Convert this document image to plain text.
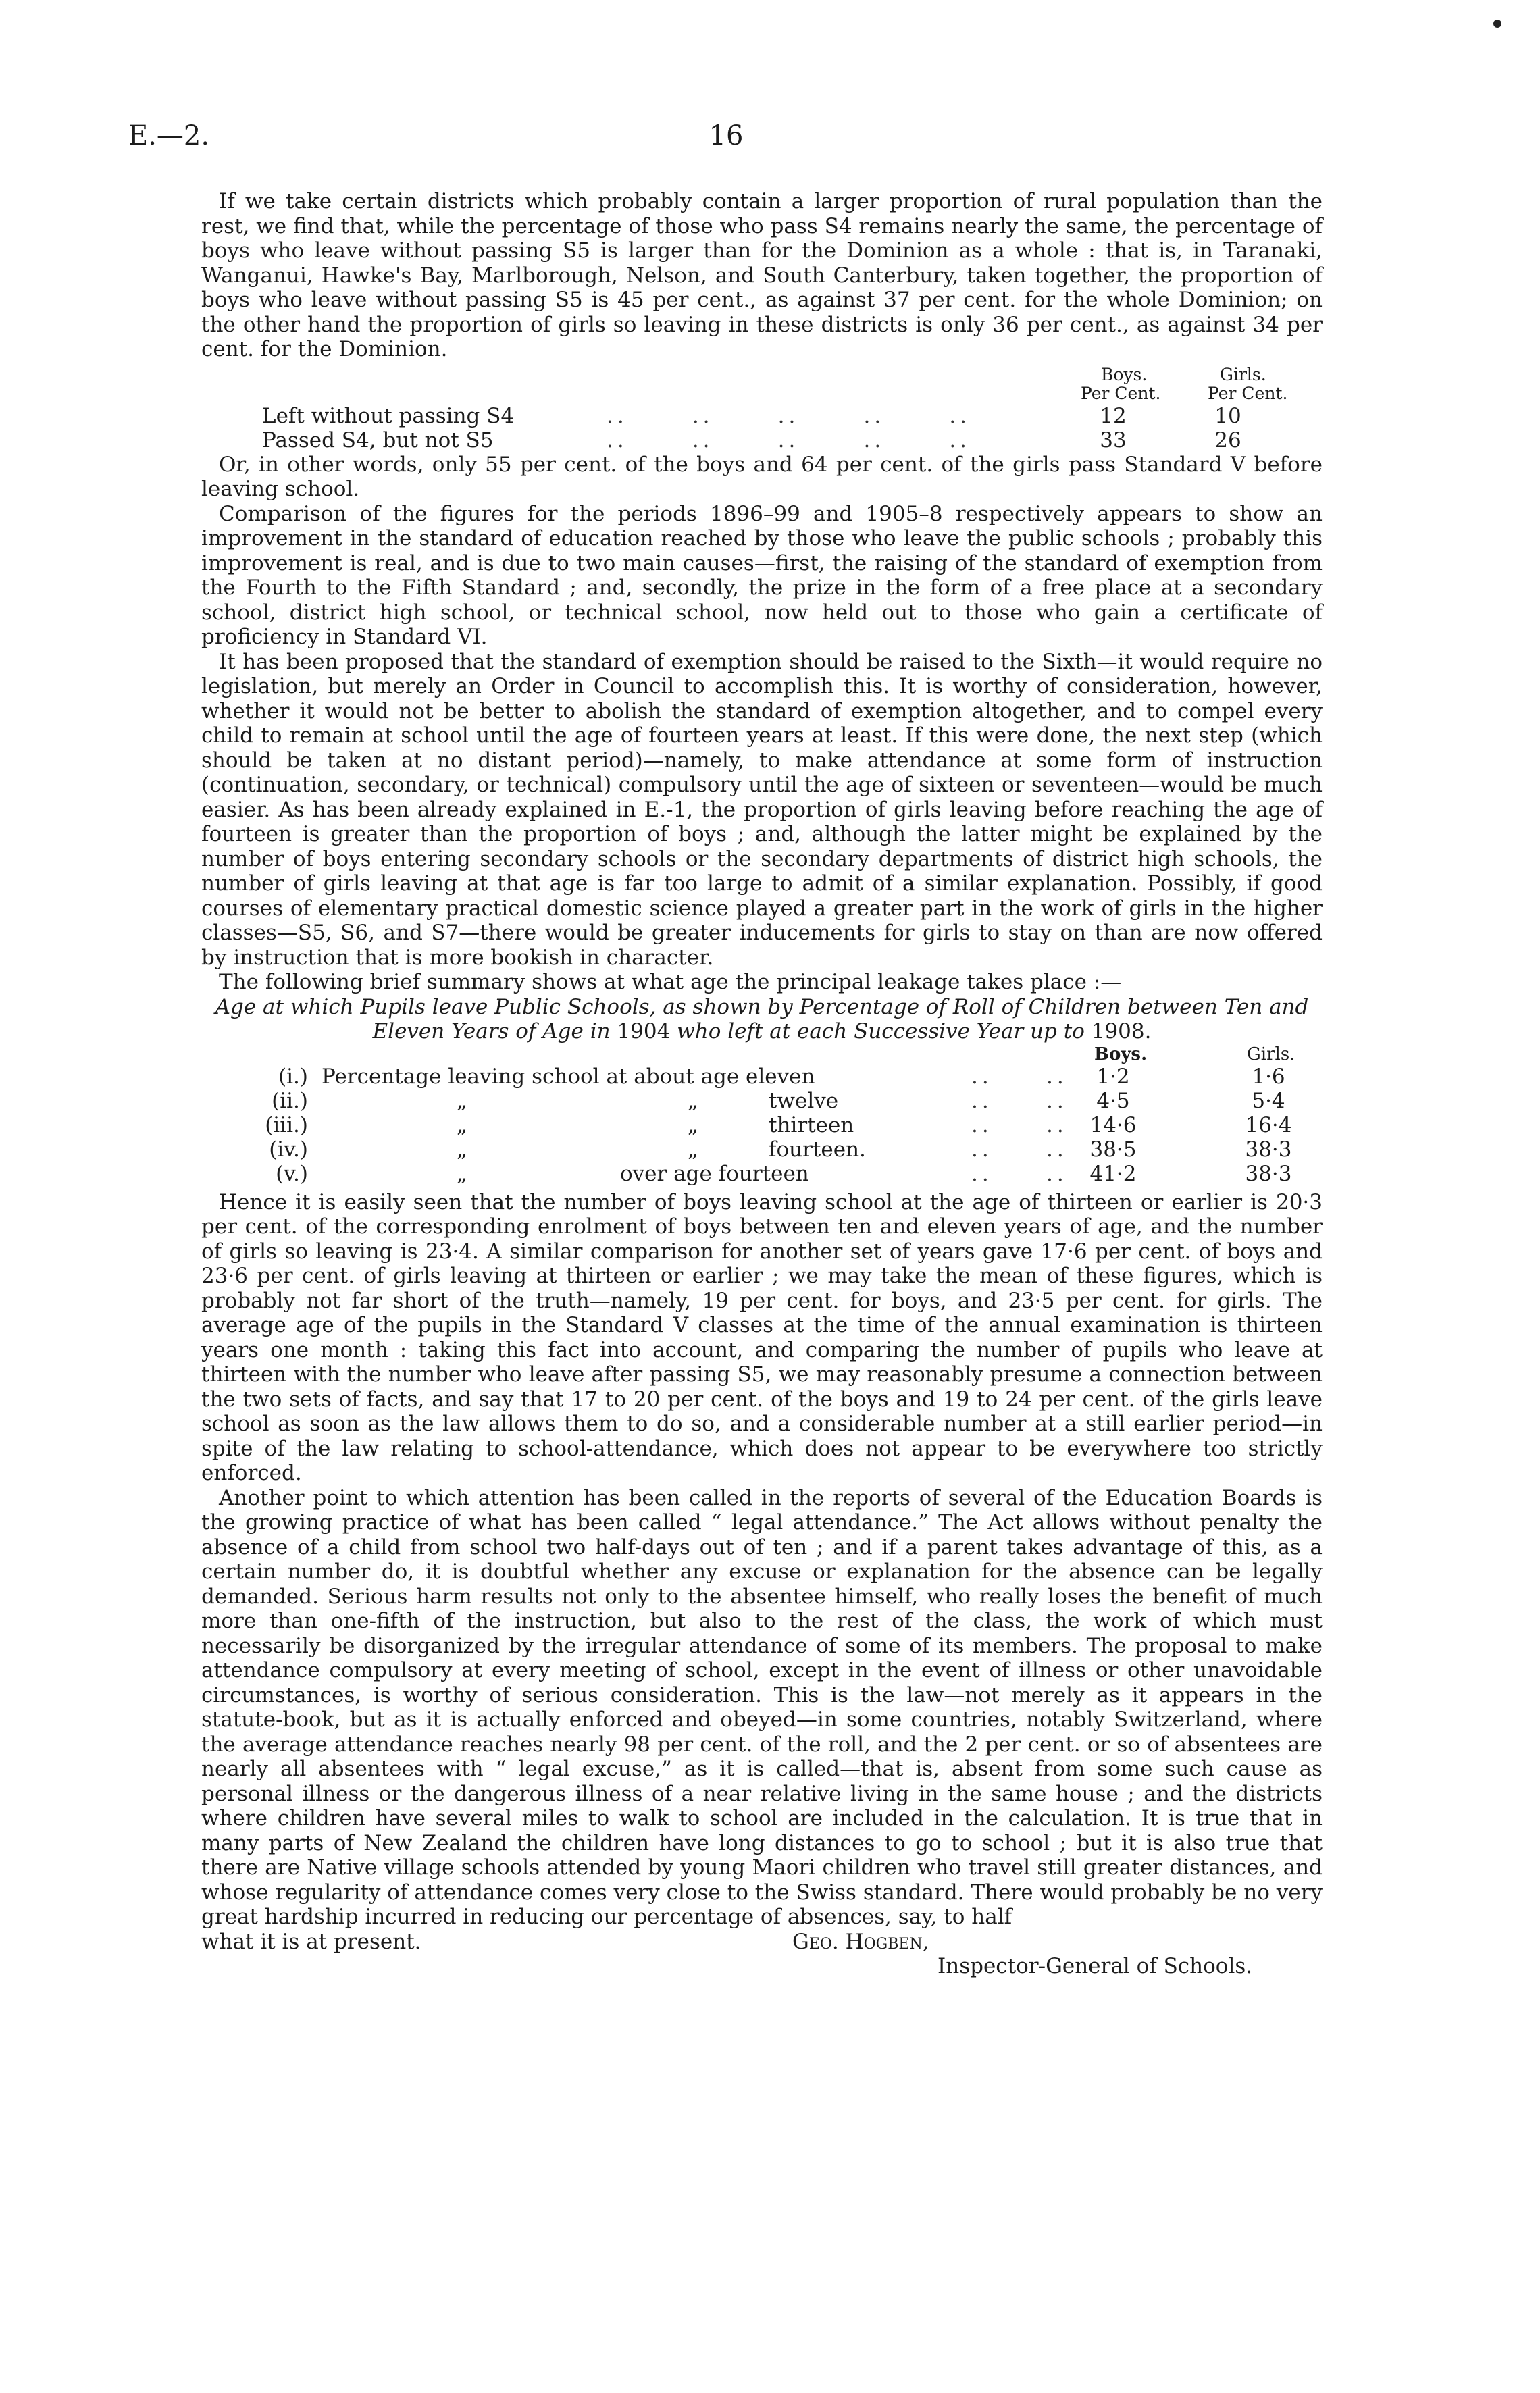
E.—2.	16

If we take certain districts which probably contain a larger proportion of rural population than the rest, we find that, while the percentage of those who pass S4 remains nearly the same, the percentage of boys who leave without passing S5 is larger than for the Dominion as a whole : that is, in Taranaki, Wanganui, Hawke's Bay, Marlborough, Nelson, and South Canterbury, taken together, the proportion of boys who leave without passing S5 is 45 per cent., as against 37 per cent. for the whole Dominion; on the other hand the proportion of girls so leaving in these districts is only 36 per cent., as against 34 per cent. for the Dominion.

Boys.	Girls.
Per Cent.	Per Cent.
Left without passing S4	..      ..      ..      ..      ..	12	10
Passed S4, but not S5	..      ..      ..      ..      ..	33	26

Or, in other words, only 55 per cent. of the boys and 64 per cent. of the girls pass Standard V before leaving school.

Comparison of the figures for the periods 1896–99 and 1905–8 respectively appears to show an improvement in the standard of education reached by those who leave the public schools ; probably this improvement is real, and is due to two main causes—first, the raising of the standard of exemption from the Fourth to the Fifth Standard ; and, secondly, the prize in the form of a free place at a secondary school, district high school, or technical school, now held out to those who gain a certificate of proficiency in Standard VI.

It has been proposed that the standard of exemption should be raised to the Sixth—it would require no legislation, but merely an Order in Council to accomplish this. It is worthy of consideration, however, whether it would not be better to abolish the standard of exemption altogether, and to compel every child to remain at school until the age of fourteen years at least. If this were done, the next step (which should be taken at no distant period)—namely, to make attendance at some form of instruction (continuation, secondary, or technical) compulsory until the age of sixteen or seventeen—would be much easier. As has been already explained in E.-1, the proportion of girls leaving before reaching the age of fourteen is greater than the proportion of boys ; and, although the latter might be explained by the number of boys entering secondary schools or the secondary departments of district high schools, the number of girls leaving at that age is far too large to admit of a similar explanation. Possibly, if good courses of elementary practical domestic science played a greater part in the work of girls in the higher classes—S5, S6, and S7—there would be greater inducements for girls to stay on than are now offered by instruction that is more bookish in character.

The following brief summary shows at what age the principal leakage takes place :—

Age at which Pupils leave Public Schools, as shown by Percentage of Roll of Children between Ten and Eleven Years of Age in 1904 who left at each Successive Year up to 1908.

Boys.	Girls.
(i.) Percentage leaving school at about age eleven	..     ..	1·2	1·6
(ii.)	„	„	twelve	..     ..	4·5	5·4
(iii.)	„	„	thirteen	..     ..	14·6	16·4
(iv.)	„	„	fourteen.	..     ..	38·5	38·3
(v.)	„	over age fourteen	..     ..	41·2	38·3

Hence it is easily seen that the number of boys leaving school at the age of thirteen or earlier is 20·3 per cent. of the corresponding enrolment of boys between ten and eleven years of age, and the number of girls so leaving is 23·4. A similar comparison for another set of years gave 17·6 per cent. of boys and 23·6 per cent. of girls leaving at thirteen or earlier ; we may take the mean of these figures, which is probably not far short of the truth—namely, 19 per cent. for boys, and 23·5 per cent. for girls. The average age of the pupils in the Standard V classes at the time of the annual examination is thirteen years one month : taking this fact into account, and comparing the number of pupils who leave at thirteen with the number who leave after passing S5, we may reasonably presume a connection between the two sets of facts, and say that 17 to 20 per cent. of the boys and 19 to 24 per cent. of the girls leave school as soon as the law allows them to do so, and a considerable number at a still earlier period—in spite of the law relating to school-attendance, which does not appear to be everywhere too strictly enforced.

Another point to which attention has been called in the reports of several of the Education Boards is the growing practice of what has been called “ legal attendance.” The Act allows without penalty the absence of a child from school two half-days out of ten ; and if a parent takes advantage of this, as a certain number do, it is doubtful whether any excuse or explanation for the absence can be legally demanded. Serious harm results not only to the absentee himself, who really loses the benefit of much more than one-fifth of the instruction, but also to the rest of the class, the work of which must necessarily be disorganized by the irregular attendance of some of its members. The proposal to make attendance compulsory at every meeting of school, except in the event of illness or other unavoidable circumstances, is worthy of serious consideration. This is the law—not merely as it appears in the statute-book, but as it is actually enforced and obeyed—in some countries, notably Switzerland, where the average attendance reaches nearly 98 per cent. of the roll, and the 2 per cent. or so of absentees are nearly all absentees with “ legal excuse,” as it is called—that is, absent from some such cause as personal illness or the dangerous illness of a near relative living in the same house ; and the districts where children have several miles to walk to school are included in the calculation. It is true that in many parts of New Zealand the children have long distances to go to school ; but it is also true that there are Native village schools attended by young Maori children who travel still greater distances, and whose regularity of attendance comes very close to the Swiss standard. There would probably be no very great hardship incurred in reducing our percentage of absences, say, to half

what it is at present.	Geo. Hogben,
Inspector-General of Schools.
